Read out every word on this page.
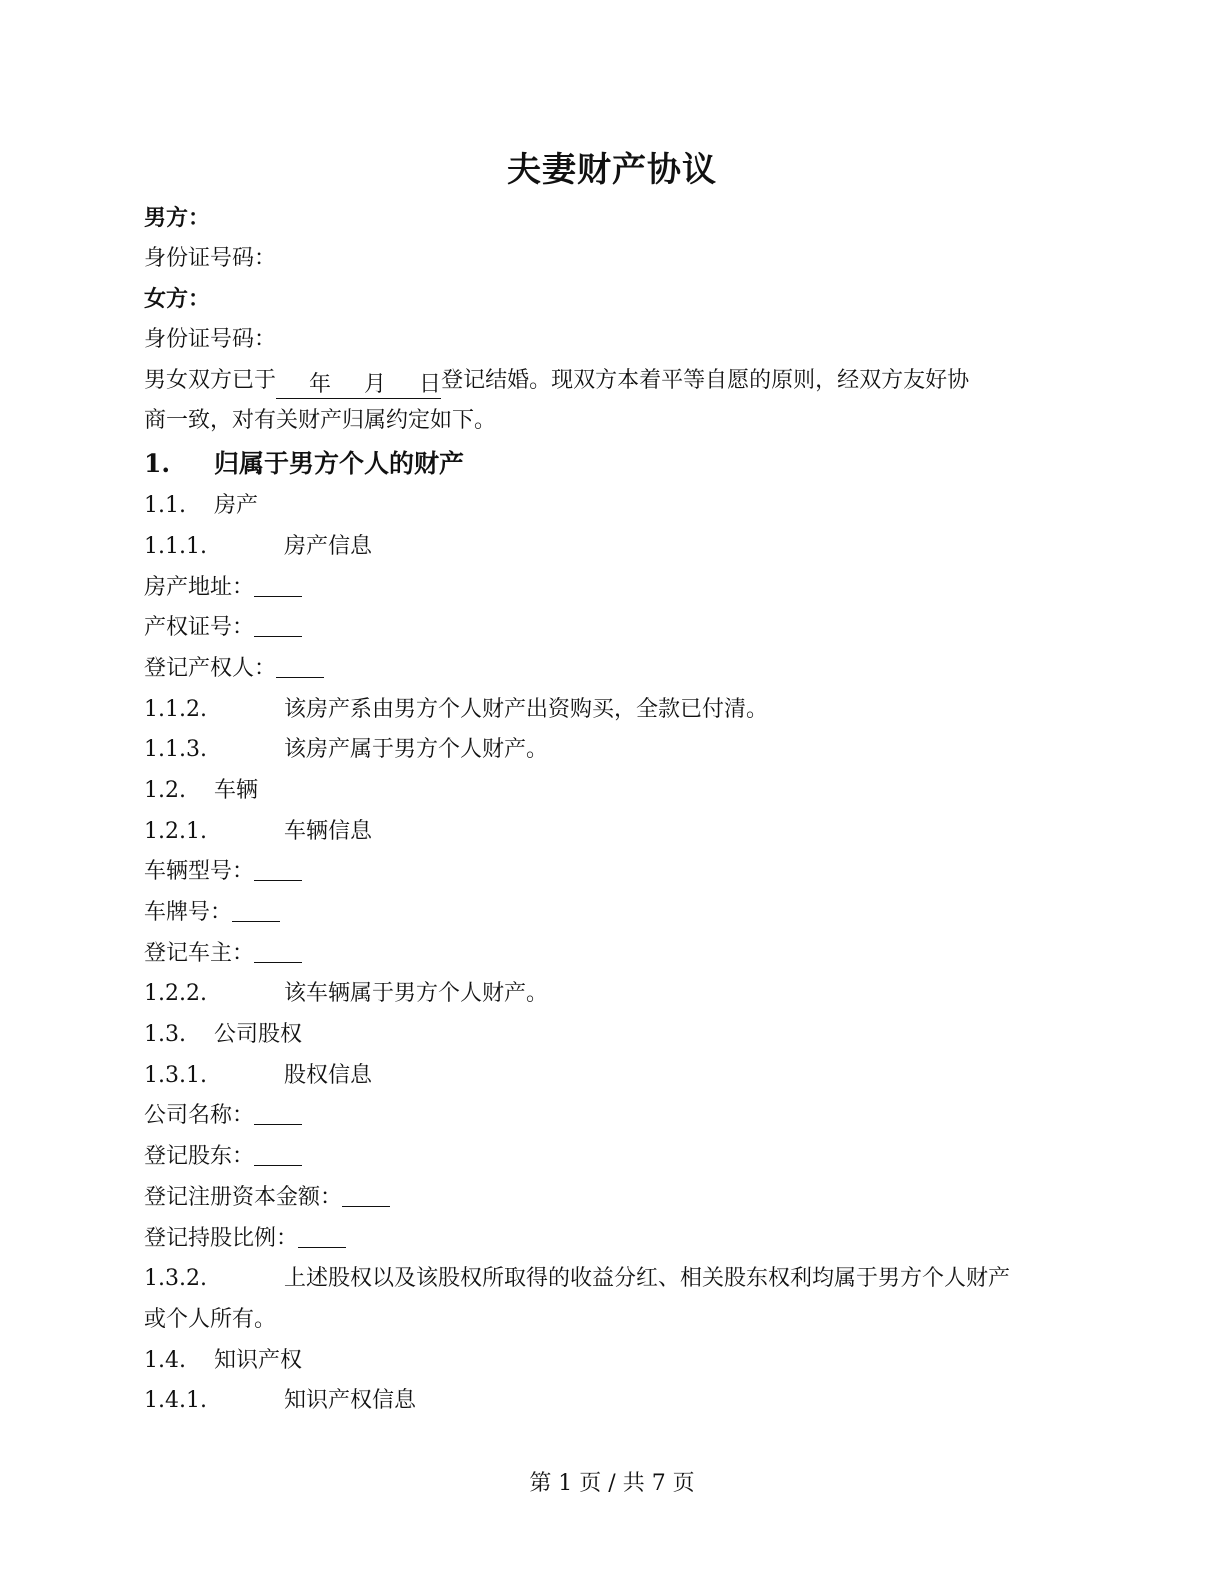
夫妻财产协议
男方：
身份证号码：
女方：
身份证号码：
男女双方已于   年   月   日登记结婚。现双方本着平等自愿的原则，经双方友好协
商一致，对有关财产归属约定如下。
1. 归属于男方个人的财产
1.1. 房产
1.1.1.	房产信息
房产地址：
产权证号：
登记产权人：
1.1.2.	该房产系由男方个人财产出资购买，全款已付清。
1.1.3.	该房产属于男方个人财产。
1.2. 车辆
1.2.1.	车辆信息
车辆型号：
车牌号：
登记车主：
1.2.2.	该车辆属于男方个人财产。
1.3. 公司股权
1.3.1.	股权信息
公司名称：
登记股东：
登记注册资本金额：
登记持股比例：
1.3.2.	上述股权以及该股权所取得的收益分红、相关股东权利均属于男方个人财产
或个人所有。
1.4. 知识产权
1.4.1.	知识产权信息
第 1 页 / 共 7 页
